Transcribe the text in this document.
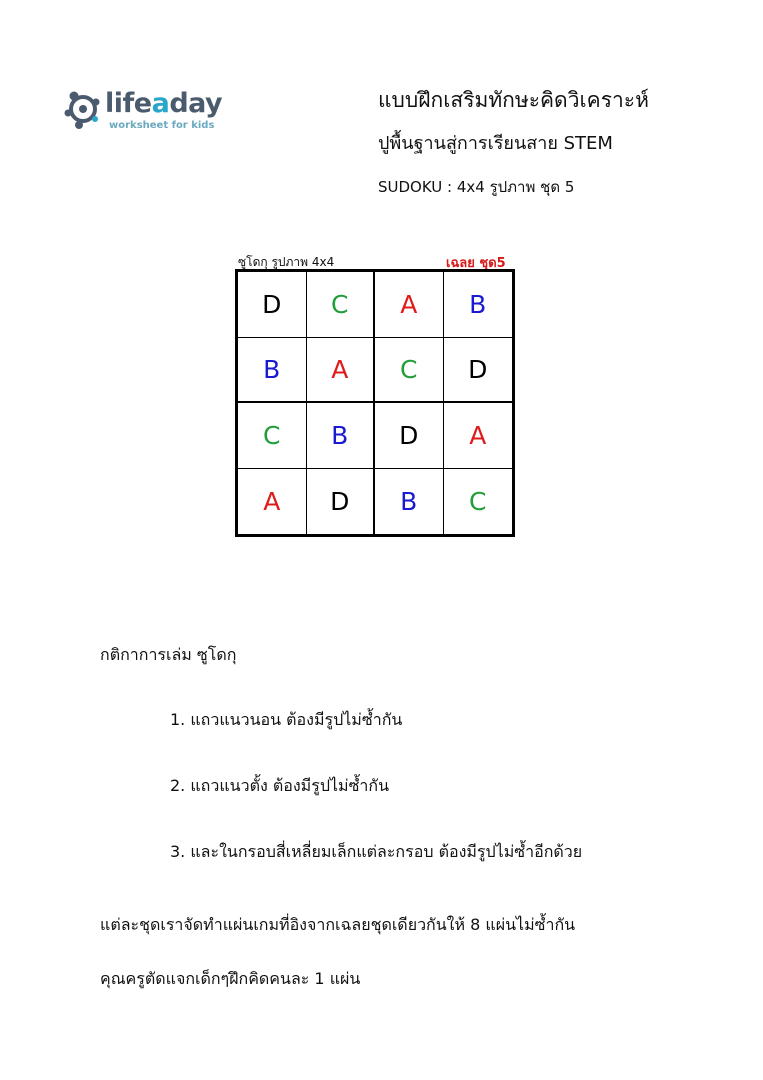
lifeaday
worksheet for kids
แบบฝึกเสริมทักษะคิดวิเคราะห์
ปูพื้นฐานสู่การเรียนสาย STEM
SUDOKU : 4x4 รูปภาพ ชุด 5
ซูโดกุ รูปภาพ 4x4	เฉลย ชุด5
D	C	A	B
B	A	C	D
C	B	D	A
A	D	B	C
กติกาการเล่ม ซูโดกุ
1. แถวแนวนอน ต้องมีรูปไม่ซ้ำกัน
2. แถวแนวตั้ง ต้องมีรูปไม่ซ้ำกัน
3. และในกรอบสี่เหลี่ยมเล็กแต่ละกรอบ ต้องมีรูปไม่ซ้ำอีกด้วย
แต่ละชุดเราจัดทำแผ่นเกมที่อิงจากเฉลยชุดเดียวกันให้ 8 แผ่นไม่ซ้ำกัน
คุณครูตัดแจกเด็กๆฝึกคิดคนละ 1 แผ่น
